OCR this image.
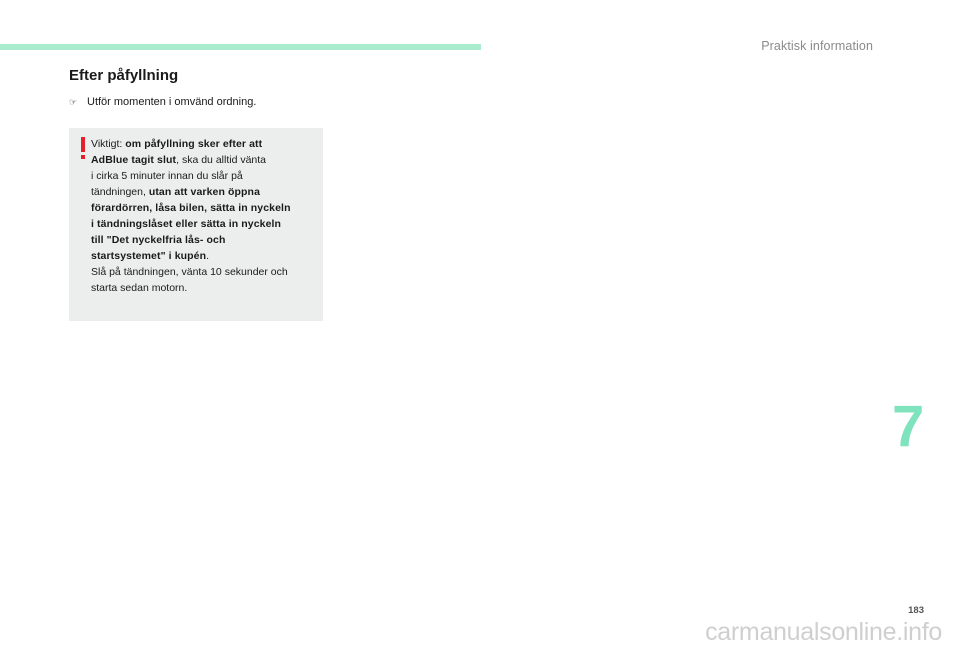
Praktisk information
Efter påfyllning
☞ Utför momenten i omvänd ordning.
Viktigt: om påfyllning sker efter att
AdBlue tagit slut, ska du alltid vänta
i cirka 5 minuter innan du slår på
tändningen, utan att varken öppna
förardörren, låsa bilen, sätta in nyckeln
i tändningslåset eller sätta in nyckeln
till "Det nyckelfria lås- och
startsystemet" i kupén.
Slå på tändningen, vänta 10 sekunder och
starta sedan motorn.
7
183
carmanualsonline.info
